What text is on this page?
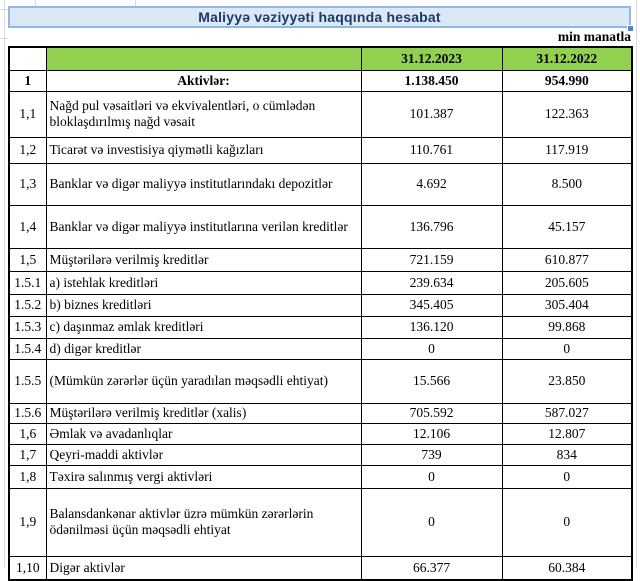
Maliyyə vəziyyəti haqqında hesabat
min manatla
		31.12.2023	31.12.2022
1	Aktivlər:	1.138.450	954.990
1,1	Nağd pul vəsaitləri və ekvivalentləri, o cümlədən bloklaşdırılmış nağd vəsait	101.387	122.363
1,2	Ticarət və investisiya qiymətli kağızları	110.761	117.919
1,3	Banklar və digər maliyyə institutlarındakı depozitlər	4.692	8.500
1,4	Banklar və digər maliyyə institutlarına verilən kreditlər	136.796	45.157
1,5	Müştərilərə verilmiş kreditlər	721.159	610.877
1.5.1	a) istehlak kreditləri	239.634	205.605
1.5.2	b) biznes kreditləri	345.405	305.404
1.5.3	c) daşınmaz əmlak kreditləri	136.120	99.868
1.5.4	d) digər kreditlər	0	0
1.5.5	(Mümkün zərərlər üçün yaradılan məqsədli ehtiyat)	15.566	23.850
1.5.6	Müştərilərə verilmiş kreditlər (xalis)	705.592	587.027
1,6	Əmlak və avadanlıqlar	12.106	12.807
1,7	Qeyri-maddi aktivlər	739	834
1,8	Təxirə salınmış vergi aktivləri	0	0
1,9	Balansdankənar aktivlər üzrə mümkün zərərlərin ödənilməsi üçün məqsədli ehtiyat	0	0
1,10	Digər aktivlər	66.377	60.384
